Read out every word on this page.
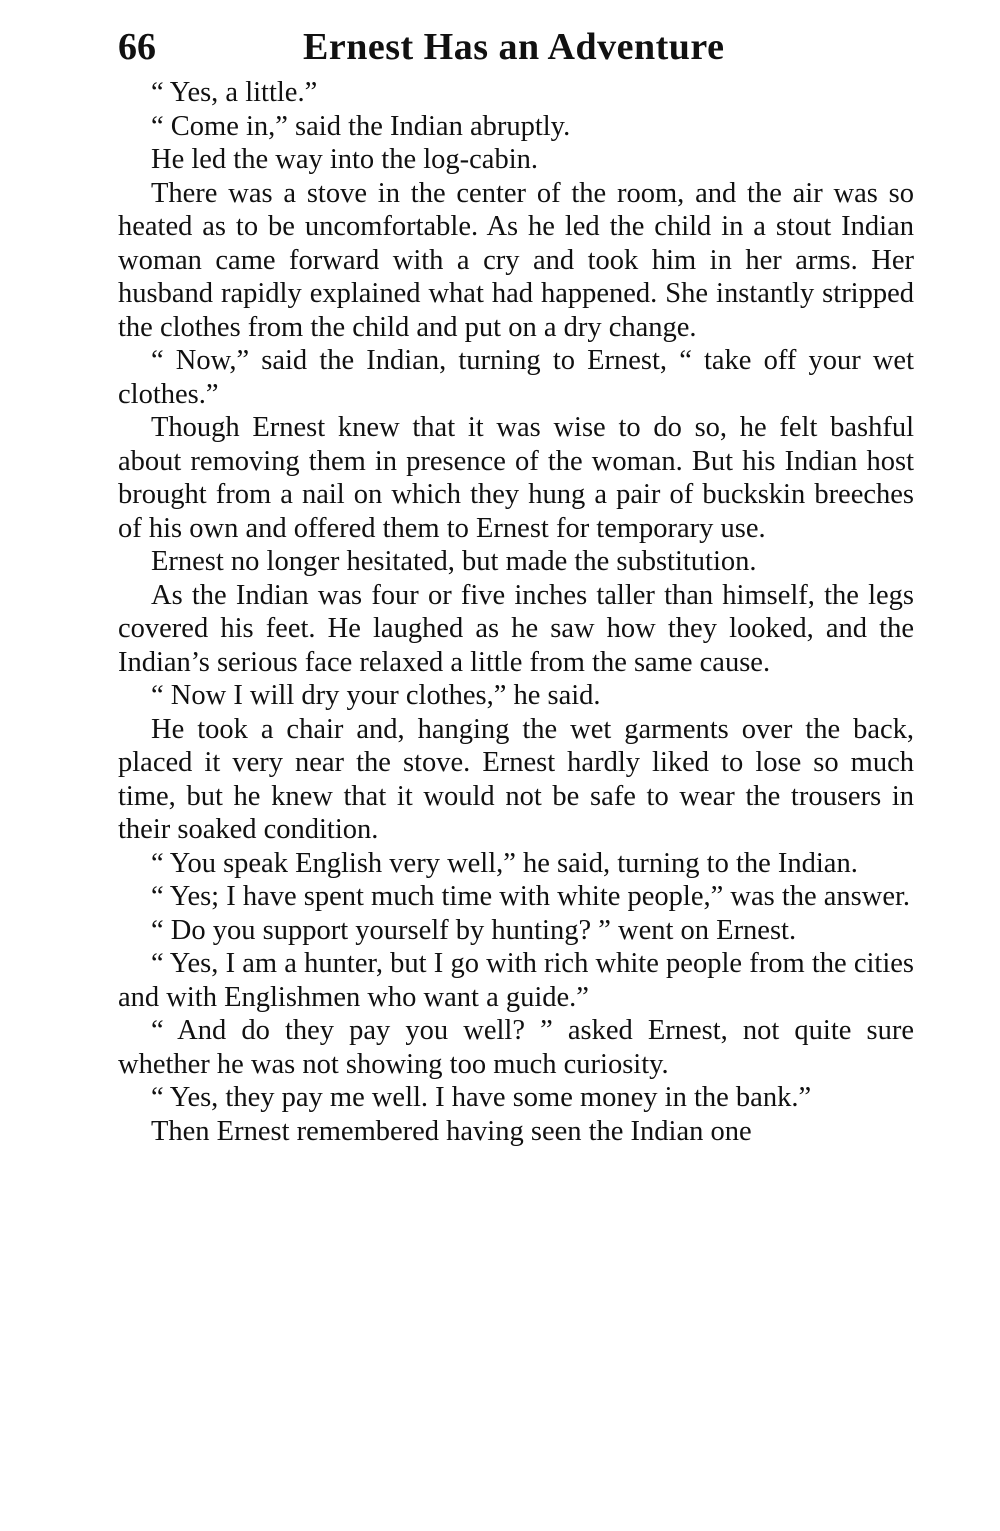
66	Ernest Has an Adventure

“ Yes, a little.”

“ Come in,” said the Indian abruptly.

He led the way into the log-cabin.

There was a stove in the center of the room, and the air was so heated as to be uncomfortable. As he led the child in a stout Indian woman came forward with a cry and took him in her arms. Her husband rapidly explained what had happened. She instantly stripped the clothes from the child and put on a dry change.

“ Now,” said the Indian, turning to Ernest, “ take off your wet clothes.”

Though Ernest knew that it was wise to do so, he felt bashful about removing them in presence of the woman. But his Indian host brought from a nail on which they hung a pair of buckskin breeches of his own and offered them to Ernest for temporary use.

Ernest no longer hesitated, but made the substitution.

As the Indian was four or five inches taller than himself, the legs covered his feet. He laughed as he saw how they looked, and the Indian’s serious face relaxed a little from the same cause.

“ Now I will dry your clothes,” he said.

He took a chair and, hanging the wet garments over the back, placed it very near the stove. Ernest hardly liked to lose so much time, but he knew that it would not be safe to wear the trousers in their soaked condition.

“ You speak English very well,” he said, turning to the Indian.

“ Yes; I have spent much time with white people,” was the answer.

“ Do you support yourself by hunting? ” went on Ernest.

“ Yes, I am a hunter, but I go with rich white people from the cities and with Englishmen who want a guide.”

“ And do they pay you well? ” asked Ernest, not quite sure whether he was not showing too much curiosity.

“ Yes, they pay me well. I have some money in the bank.”

Then Ernest remembered having seen the Indian one
